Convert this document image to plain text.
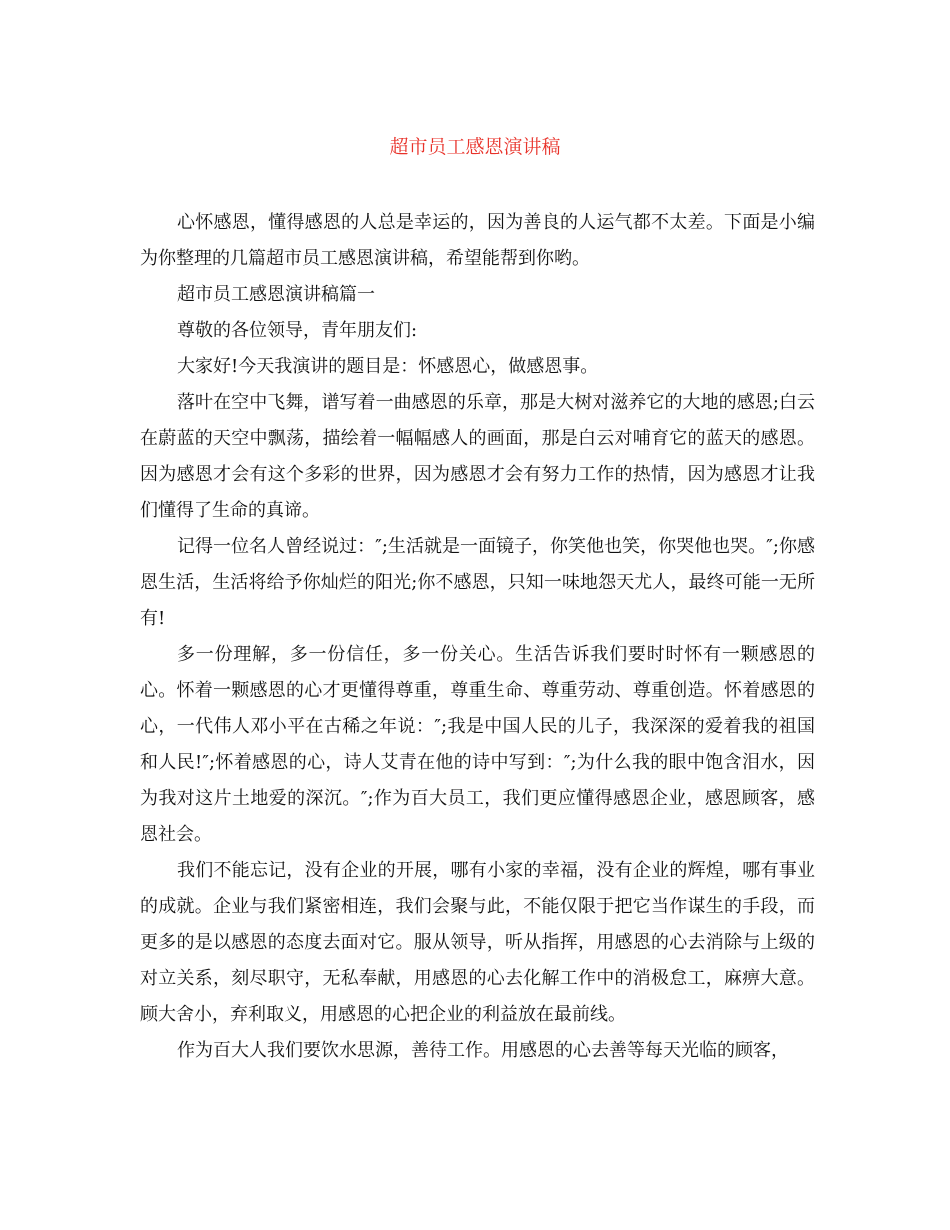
超市员工感恩演讲稿

心怀感恩，懂得感恩的人总是幸运的，因为善良的人运气都不太差。下面是小编为你整理的几篇超市员工感恩演讲稿，希望能帮到你哟。

超市员工感恩演讲稿篇一

尊敬的各位领导，青年朋友们:

大家好!今天我演讲的题目是：怀感恩心，做感恩事。

落叶在空中飞舞，谱写着一曲感恩的乐章，那是大树对滋养它的大地的感恩;白云在蔚蓝的天空中飘荡，描绘着一幅幅感人的画面，那是白云对哺育它的蓝天的感恩。因为感恩才会有这个多彩的世界，因为感恩才会有努力工作的热情，因为感恩才让我们懂得了生命的真谛。

记得一位名人曾经说过：″;生活就是一面镜子，你笑他也笑，你哭他也哭。″;你感恩生活，生活将给予你灿烂的阳光;你不感恩，只知一味地怨天尤人，最终可能一无所有!

多一份理解，多一份信任，多一份关心。生活告诉我们要时时怀有一颗感恩的心。怀着一颗感恩的心才更懂得尊重，尊重生命、尊重劳动、尊重创造。怀着感恩的心，一代伟人邓小平在古稀之年说：″;我是中国人民的儿子，我深深的爱着我的祖国和人民!″;怀着感恩的心，诗人艾青在他的诗中写到：″;为什么我的眼中饱含泪水，因为我对这片土地爱的深沉。″;作为百大员工，我们更应懂得感恩企业，感恩顾客，感恩社会。

我们不能忘记，没有企业的开展，哪有小家的幸福，没有企业的辉煌，哪有事业的成就。企业与我们紧密相连，我们会聚与此，不能仅限于把它当作谋生的手段，而更多的是以感恩的态度去面对它。服从领导，听从指挥，用感恩的心去消除与上级的对立关系，刻尽职守，无私奉献，用感恩的心去化解工作中的消极怠工，麻痹大意。顾大舍小，弃利取义，用感恩的心把企业的利益放在最前线。

作为百大人我们要饮水思源，善待工作。用感恩的心去善等每天光临的顾客，
